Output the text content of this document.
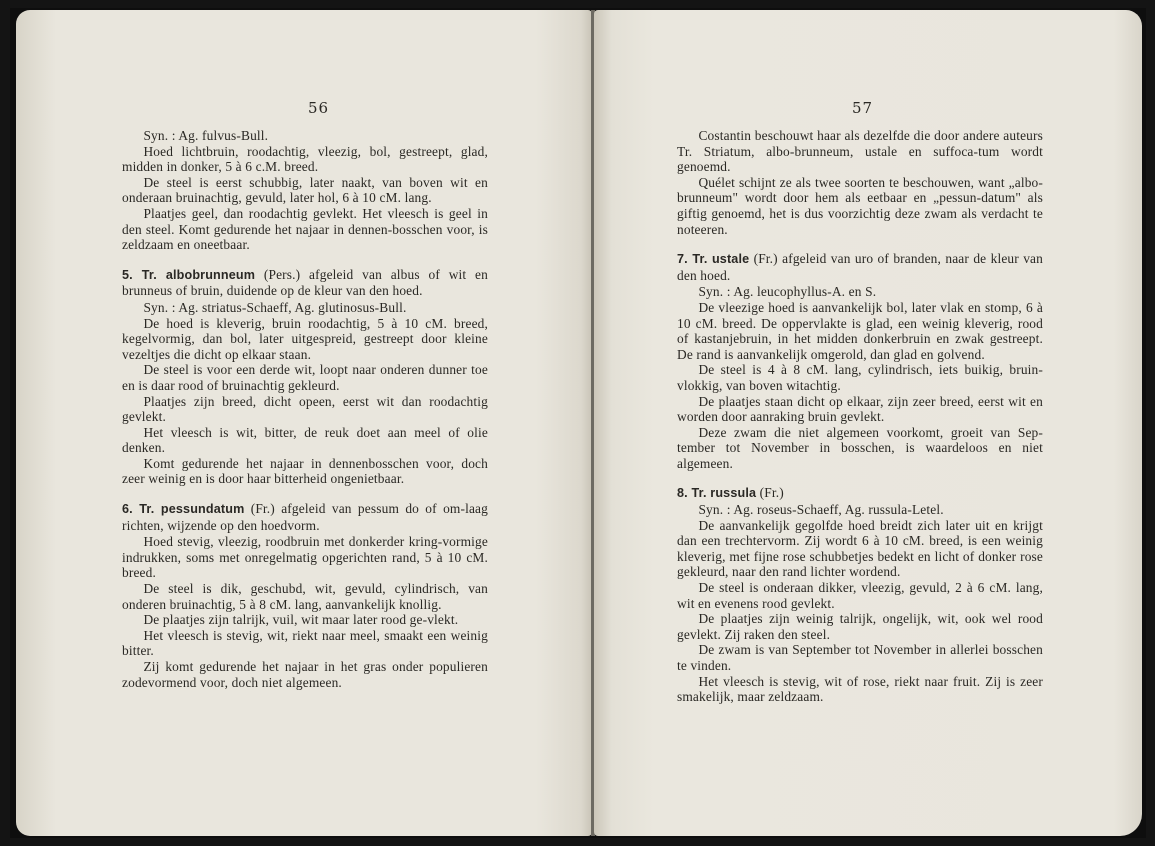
56

Syn. : Ag. fulvus-Bull.

Hoed lichtbruin, roodachtig, vleezig, bol, gestreept, glad, midden in donker, 5 à 6 c.M. breed.

De steel is eerst schubbig, later naakt, van boven wit en onderaan bruinachtig, gevuld, later hol, 6 à 10 cM. lang.

Plaatjes geel, dan roodachtig gevlekt. Het vleesch is geel in den steel. Komt gedurende het najaar in dennen-bosschen voor, is zeldzaam en oneetbaar.

5. Tr. albobrunneum (Pers.) afgeleid van albus of wit en brunneus of bruin, duidende op de kleur van den hoed.

Syn. : Ag. striatus-Schaeff, Ag. glutinosus-Bull.

De hoed is kleverig, bruin roodachtig, 5 à 10 cM. breed, kegelvormig, dan bol, later uitgespreid, gestreept door kleine vezeltjes die dicht op elkaar staan.

De steel is voor een derde wit, loopt naar onderen dunner toe en is daar rood of bruinachtig gekleurd.

Plaatjes zijn breed, dicht opeen, eerst wit dan roodachtig gevlekt.

Het vleesch is wit, bitter, de reuk doet aan meel of olie denken.

Komt gedurende het najaar in dennenbosschen voor, doch zeer weinig en is door haar bitterheid ongenietbaar.

6. Tr. pessundatum (Fr.) afgeleid van pessum do of om-laag richten, wijzende op den hoedvorm.

Hoed stevig, vleezig, roodbruin met donkerder kring-vormige indrukken, soms met onregelmatig opgerichten rand, 5 à 10 cM. breed.

De steel is dik, geschubd, wit, gevuld, cylindrisch, van onderen bruinachtig, 5 à 8 cM. lang, aanvankelijk knollig.

De plaatjes zijn talrijk, vuil, wit maar later rood ge-vlekt.

Het vleesch is stevig, wit, riekt naar meel, smaakt een weinig bitter.

Zij komt gedurende het najaar in het gras onder populieren zodevormend voor, doch niet algemeen.

57

Costantin beschouwt haar als dezelfde die door andere auteurs Tr. Striatum, albo-brunneum, ustale en suffoca-tum wordt genoemd.

Quélet schijnt ze als twee soorten te beschouwen, want „albo-brunneum" wordt door hem als eetbaar en „pessun-datum" als giftig genoemd, het is dus voorzichtig deze zwam als verdacht te noteeren.

7. Tr. ustale (Fr.) afgeleid van uro of branden, naar de kleur van den hoed.

Syn. : Ag. leucophyllus-A. en S.

De vleezige hoed is aanvankelijk bol, later vlak en stomp, 6 à 10 cM. breed. De oppervlakte is glad, een weinig kleverig, rood of kastanjebruin, in het midden donkerbruin en zwak gestreept. De rand is aanvankelijk omgerold, dan glad en golvend.

De steel is 4 à 8 cM. lang, cylindrisch, iets buikig, bruin-vlokkig, van boven witachtig.

De plaatjes staan dicht op elkaar, zijn zeer breed, eerst wit en worden door aanraking bruin gevlekt.

Deze zwam die niet algemeen voorkomt, groeit van Sep-tember tot November in bosschen, is waardeloos en niet algemeen.

8. Tr. russula (Fr.)

Syn. : Ag. roseus-Schaeff, Ag. russula-Letel.

De aanvankelijk gegolfde hoed breidt zich later uit en krijgt dan een trechtervorm. Zij wordt 6 à 10 cM. breed, is een weinig kleverig, met fijne rose schubbetjes bedekt en licht of donker rose gekleurd, naar den rand lichter wordend.

De steel is onderaan dikker, vleezig, gevuld, 2 à 6 cM. lang, wit en evenens rood gevlekt.

De plaatjes zijn weinig talrijk, ongelijk, wit, ook wel rood gevlekt. Zij raken den steel.

De zwam is van September tot November in allerlei bosschen te vinden.

Het vleesch is stevig, wit of rose, riekt naar fruit. Zij is zeer smakelijk, maar zeldzaam.
